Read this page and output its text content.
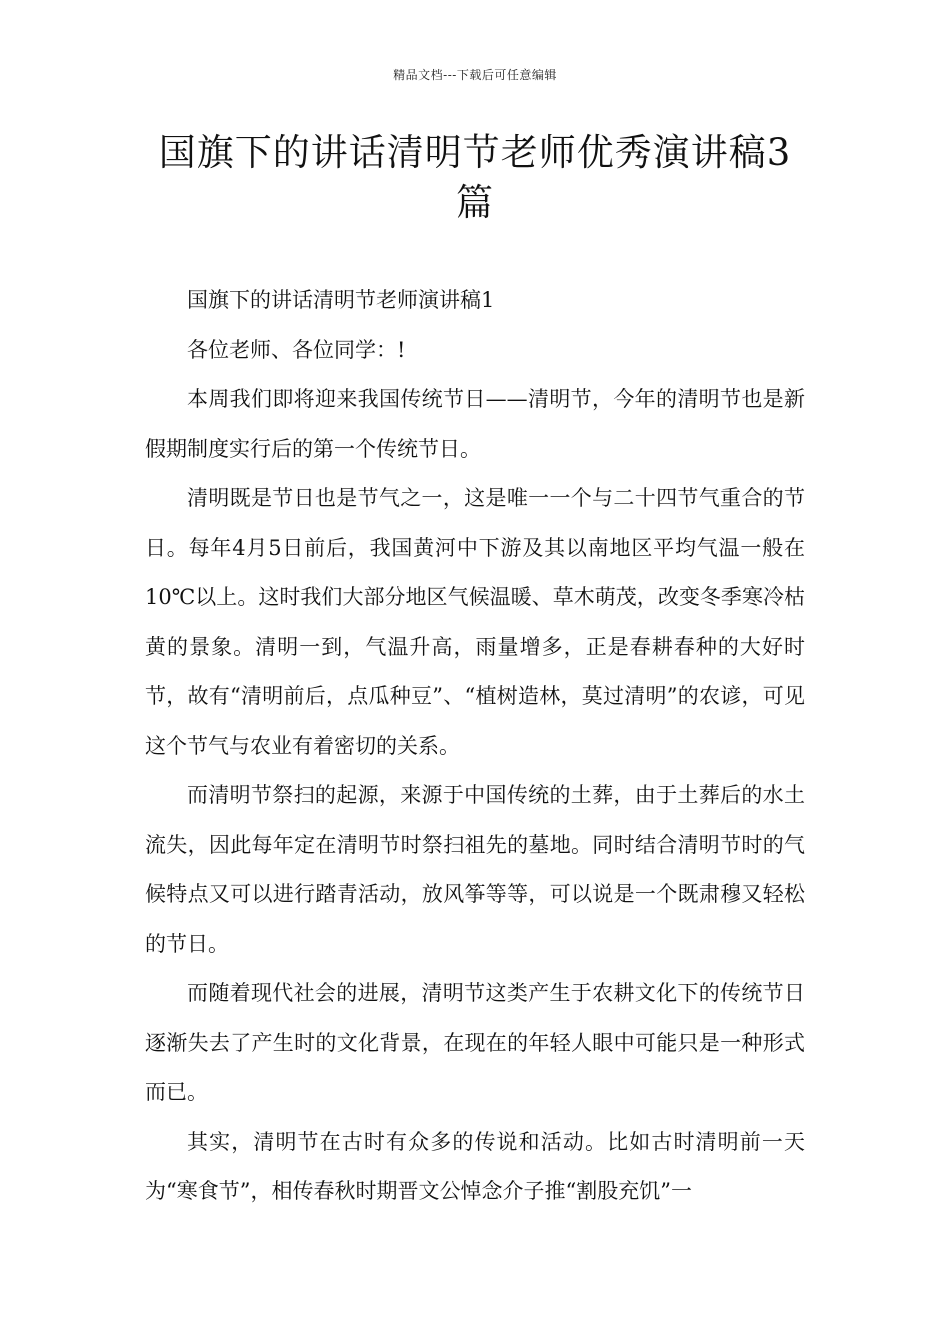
精品文档---下载后可任意编辑
国旗下的讲话清明节老师优秀演讲稿3篇

国旗下的讲话清明节老师演讲稿1

各位老师、各位同学：!

本周我们即将迎来我国传统节日——清明节，今年的清明节也是新假期制度实行后的第一个传统节日。

清明既是节日也是节气之一，这是唯一一个与二十四节气重合的节日。每年4月5日前后，我国黄河中下游及其以南地区平均气温一般在10℃以上。这时我们大部分地区气候温暖、草木萌茂，改变冬季寒冷枯黄的景象。清明一到，气温升高，雨量增多，正是春耕春种的大好时节，故有“清明前后，点瓜种豆”、“植树造林，莫过清明”的农谚，可见这个节气与农业有着密切的关系。

而清明节祭扫的起源，来源于中国传统的土葬，由于土葬后的水土流失，因此每年定在清明节时祭扫祖先的墓地。同时结合清明节时的气候特点又可以进行踏青活动，放风筝等等，可以说是一个既肃穆又轻松的节日。

而随着现代社会的进展，清明节这类产生于农耕文化下的传统节日逐渐失去了产生时的文化背景，在现在的年轻人眼中可能只是一种形式而已。

其实，清明节在古时有众多的传说和活动。比如古时清明前一天为“寒食节”，相传春秋时期晋文公悼念介子推“割股充饥”一
